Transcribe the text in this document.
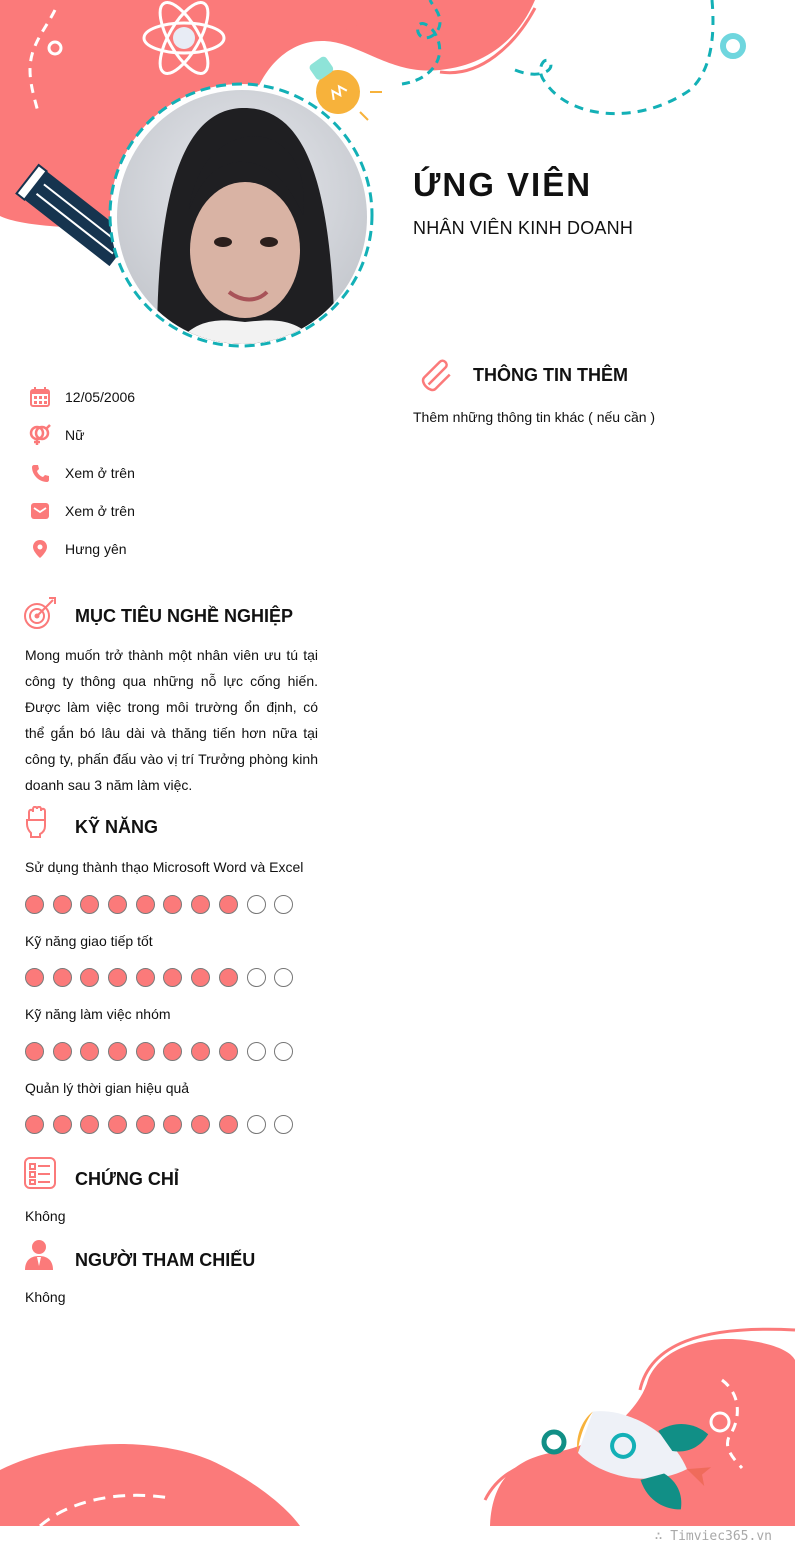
ỨNG VIÊN
NHÂN VIÊN KINH DOANH
12/05/2006
Nữ
Xem ở trên
Xem ở trên
Hưng yên
MỤC TIÊU NGHỀ NGHIỆP
Mong muốn trở thành một nhân viên ưu tú tại công ty thông qua những nỗ lực cống hiến. Được làm việc trong môi trường ổn định, có thể gắn bó lâu dài và thăng tiến hơn nữa tại công ty, phấn đấu vào vị trí Trưởng phòng kinh doanh sau 3 năm làm việc.
KỸ NĂNG
Sử dụng thành thạo Microsoft Word và Excel
Kỹ năng giao tiếp tốt
Kỹ năng làm việc nhóm
Quản lý thời gian hiệu quả
CHỨNG CHỈ
Không
NGƯỜI THAM CHIẾU
Không
THÔNG TIN THÊM
Thêm những thông tin khác ( nếu cần )
∴ Timviec365.vn
